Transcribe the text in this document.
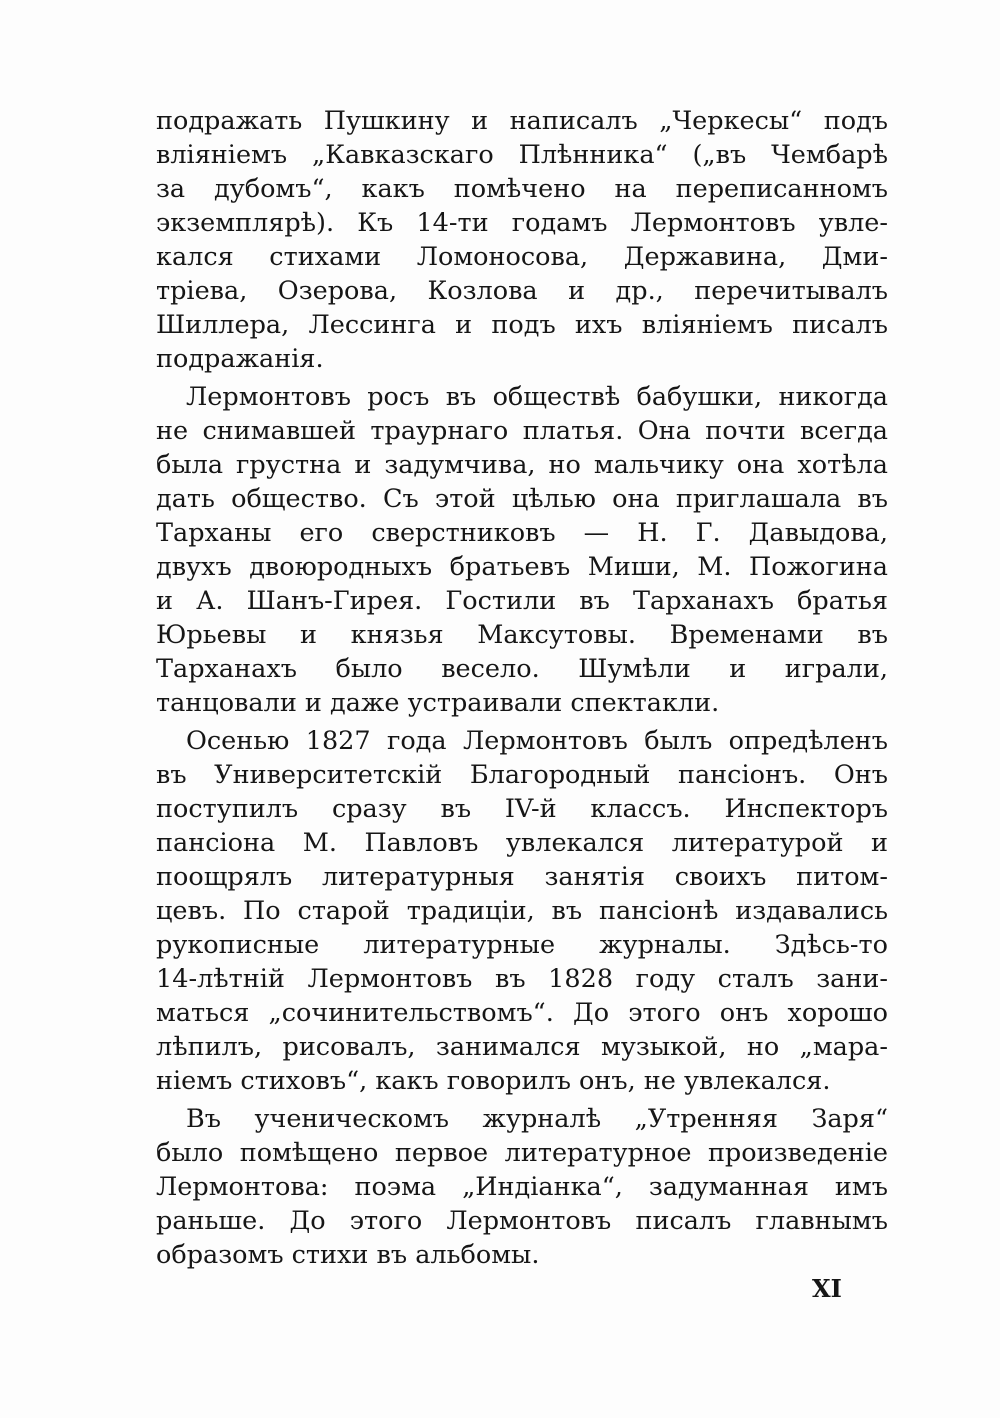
подражать Пушкину и написалъ „Черкесы“ подъ
вліяніемъ „Кавказскаго Плѣнника“ („въ Чембарѣ
за дубомъ“, какъ помѣчено на переписанномъ
экземплярѣ). Къ 14-ти годамъ Лермонтовъ увле-
кался стихами Ломоносова, Державина, Дми-
тріева, Озерова, Козлова и др., перечитывалъ
Шиллера, Лессинга и подъ ихъ вліяніемъ писалъ
подражанія.
Лермонтовъ росъ въ обществѣ бабушки, никогда
не снимавшей траурнаго платья. Она почти всегда
была грустна и задумчива, но мальчику она хотѣла
дать общество. Съ этой цѣлью она приглашала въ
Тарханы его сверстниковъ — Н. Г. Давыдова,
двухъ двоюродныхъ братьевъ Миши, М. Пожогина
и А. Шанъ-Гирея. Гостили въ Тарханахъ братья
Юрьевы и князья Максутовы. Временами въ
Тарханахъ было весело. Шумѣли и играли,
танцовали и даже устраивали спектакли.
Осенью 1827 года Лермонтовъ былъ опредѣленъ
въ Университетскій Благородный пансіонъ. Онъ
поступилъ сразу въ IV-й классъ. Инспекторъ
пансіона М. Павловъ увлекался литературой и
поощрялъ литературныя занятія своихъ питом-
цевъ. По старой традиціи, въ пансіонѣ издавались
рукописные литературные журналы. Здѣсь-то
14-лѣтній Лермонтовъ въ 1828 году сталъ зани-
маться „сочинительствомъ“. До этого онъ хорошо
лѣпилъ, рисовалъ, занимался музыкой, но „мара-
ніемъ стиховъ“, какъ говорилъ онъ, не увлекался.
Въ ученическомъ журналѣ „Утренняя Заря“
было помѣщено первое литературное произведеніе
Лермонтова: поэма „Индіанка“, задуманная имъ
раньше. До этого Лермонтовъ писалъ главнымъ
образомъ стихи въ альбомы.
XI
